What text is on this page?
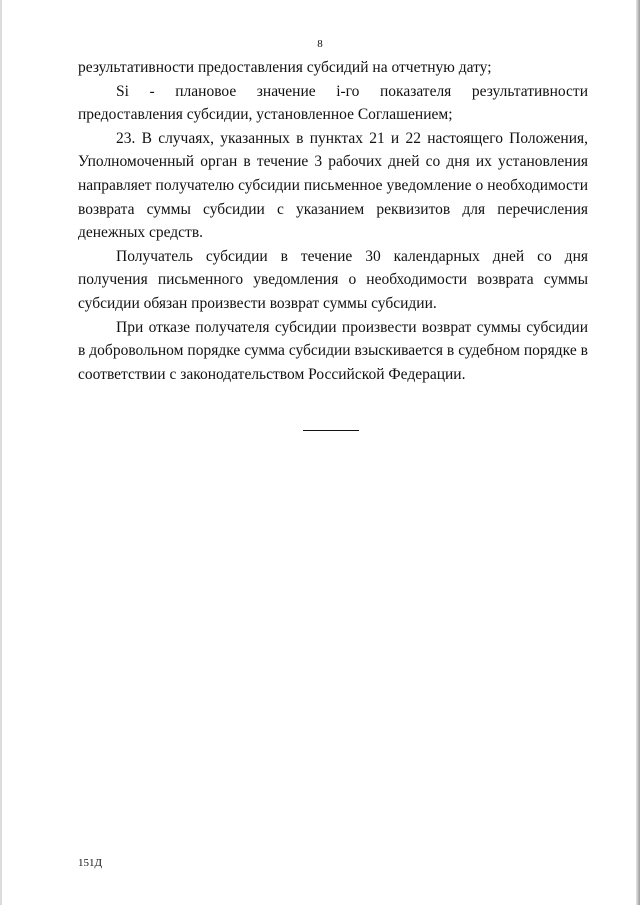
8

результативности предоставления субсидий на отчетную дату;

Si - плановое значение i-го показателя результативности предоставления субсидии, установленное Соглашением;

23. В случаях, указанных в пунктах 21 и 22 настоящего Положения, Уполномоченный орган в течение 3 рабочих дней со дня их установления направляет получателю субсидии письменное уведомление о необходимости возврата суммы субсидии с указанием реквизитов для перечисления денежных средств.

Получатель субсидии в течение 30 календарных дней со дня получения письменного уведомления о необходимости возврата суммы субсидии обязан произвести возврат суммы субсидии.

При отказе получателя субсидии произвести возврат суммы субсидии в добровольном порядке сумма субсидии взыскивается в судебном порядке в соответствии с законодательством Российской Федерации.

151Д
